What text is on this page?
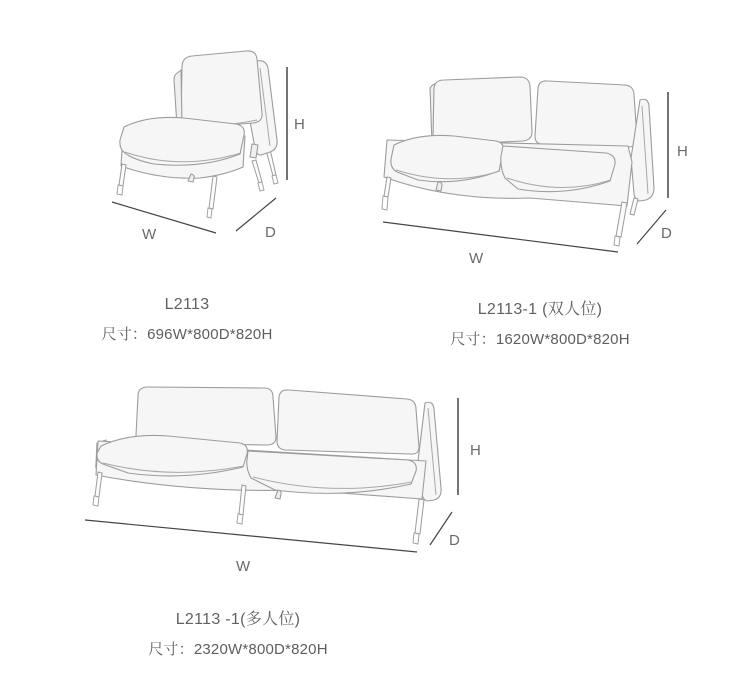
H
W	D
H
W
D
H
W
D
L2113
尺寸：696W*800D*820H
L2113-1 (双人位)
尺寸：1620W*800D*820H
L2113 -1(多人位)
尺寸：2320W*800D*820H
